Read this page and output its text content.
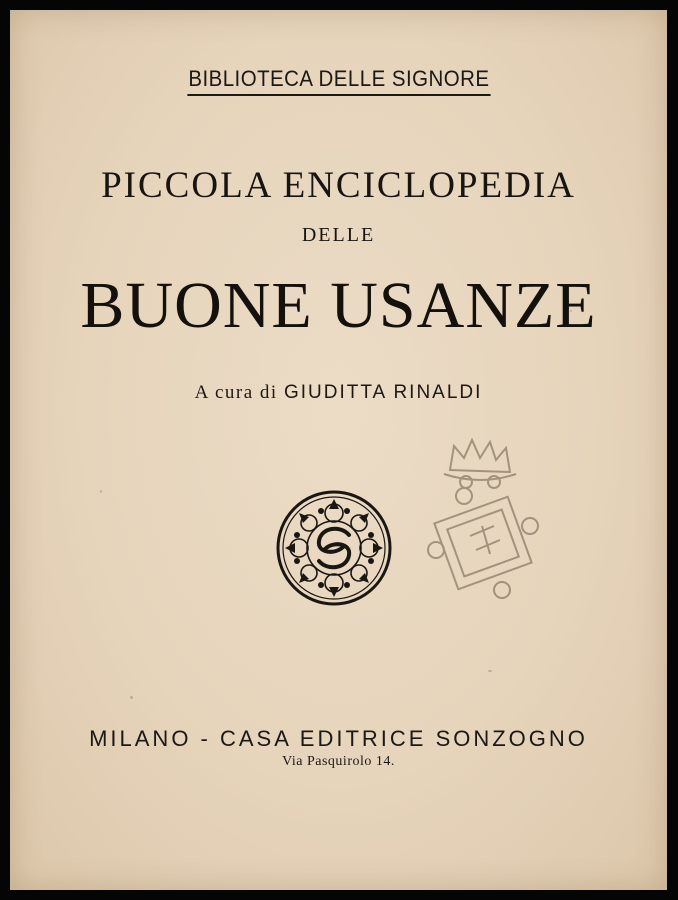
BIBLIOTECA DELLE SIGNORE
PICCOLA ENCICLOPEDIA
DELLE
BUONE USANZE
A cura di GIUDITTA RINALDI
MILANO - CASA EDITRICE SONZOGNO
Via Pasquirolo 14.
